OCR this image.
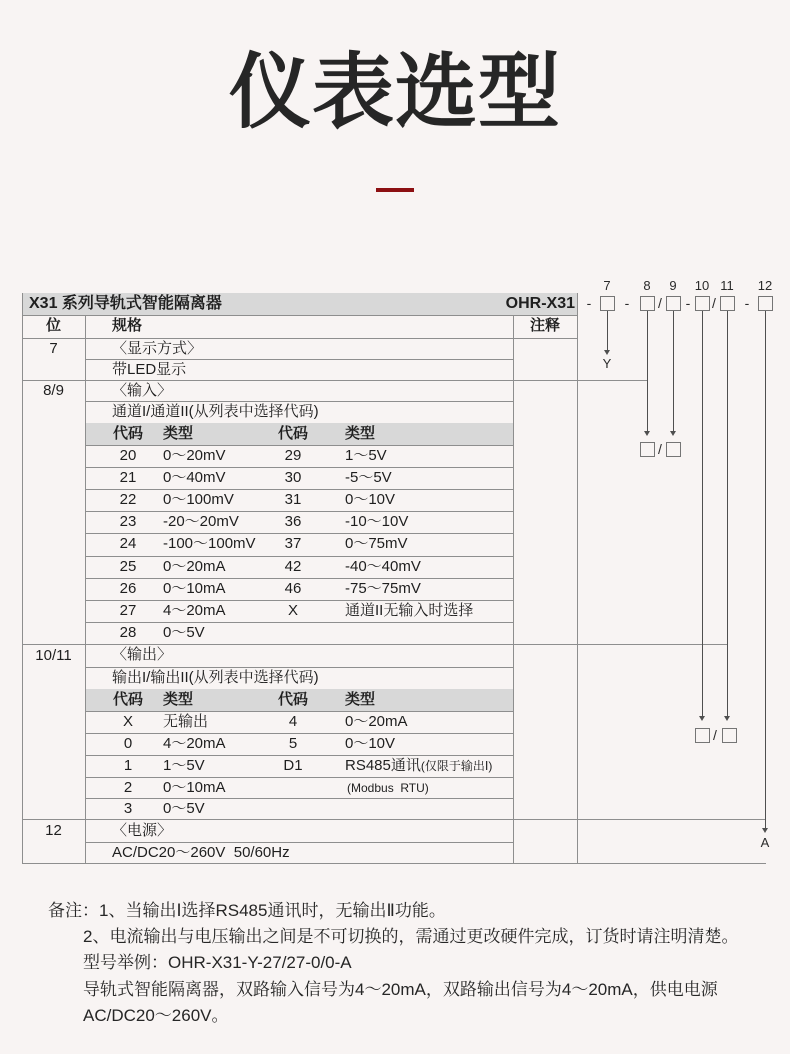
仪表选型
X31 系列导轨式智能隔离器	OHR-X31
位	规格	注释
7	〈显示方式〉
带LED显示
8/9	〈输入〉
通道I/通道II(从列表中选择代码)
代码	类型	代码	类型
20	0～20mV	29	1～5V
21	0～40mV	30	-5～5V
22	0～100mV	31	0～10V
23	-20～20mV	36	-10～10V
24	-100～100mV	37	0～75mV
25	0～20mA	42	-40～40mV
26	0～10mA	46	-75～75mV
27	4～20mA	X	通道II无输入时选择
28	0～5V
10/11	〈输出〉
输出I/输出II(从列表中选择代码)
代码	类型	代码	类型
X	无输出	4	0～20mA
0	4～20mA	5	0～10V
1	1～5V	D1	RS485通讯(仅限于输出Ⅰ)
2	0～10mA	(Modbus  RTU)
3	0～5V
12	〈电源〉
AC/DC20～260V  50/60Hz
7	8 9 10 11 12
- - / - / -
Y
/
/
A
备注：1、当输出Ⅰ选择RS485通讯时，无输出Ⅱ功能。
2、电流输出与电压输出之间是不可切换的，需通过更改硬件完成，订货时请注明清楚。
型号举例：OHR-X31-Y-27/27-0/0-A
导轨式智能隔离器，双路输入信号为4～20mA，双路输出信号为4～20mA，供电电源
AC/DC20～260V。
